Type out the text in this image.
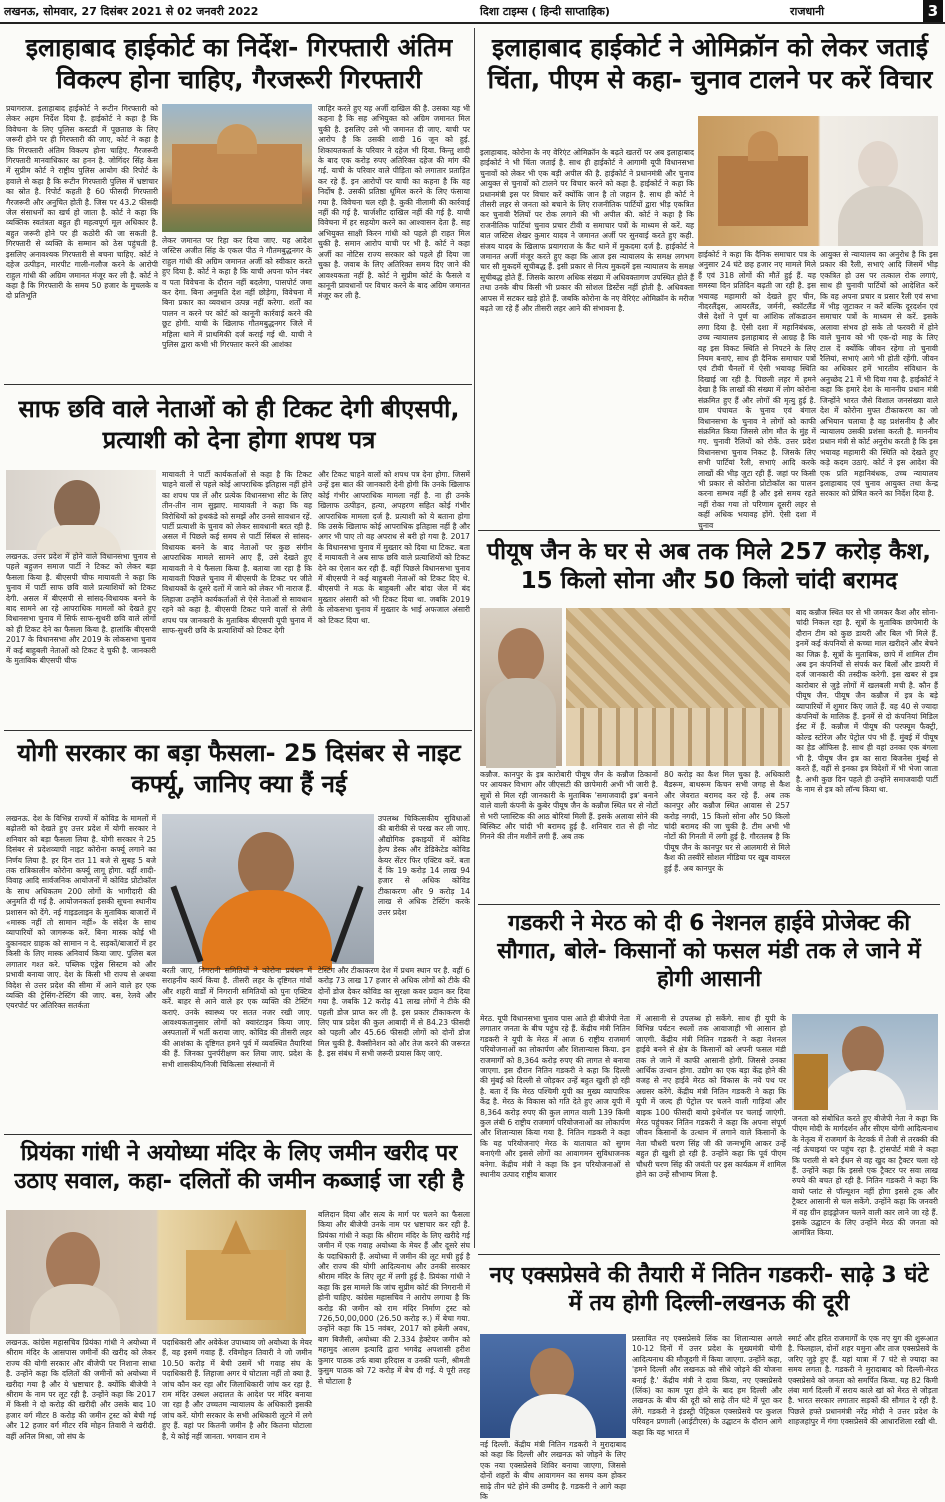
लखनऊ, सोमवार, 27 दिसंबर 2021 से 02 जनवरी 2022	दिशा टाइम्स ( हिन्दी साप्ताहिक)	राजधानी	3
इलाहाबाद हाईकोर्ट का निर्देश- गिरफ्तारी अंतिम विकल्प होना चाहिए, गैरजरूरी गिरफ्तारी
प्रयागराज. इलाहाबाद हाईकोर्ट ने रूटीन गिरफ्तारी को लेकर अहम निर्देश दिया है. हाईकोर्ट ने कहा है कि विवेचना के लिए पुलिस कस्टडी में पूछताछ के लिए जरूरी होने पर ही गिरफ्तारी की जाए, कोर्ट ने कहा है कि गिरफ्तारी अंतिम विकल्प होना चाहिए. गैरजरूरी गिरफ्तारी मानवाधिकार का हनन है. जोगिंदर सिंह केस में सुप्रीम कोर्ट ने राष्ट्रीय पुलिस आयोग की रिपोर्ट के हवाले से कहा है कि रूटीन गिरफ्तारी पुलिस में भ्रष्टाचार का स्रोत है. रिपोर्ट कहती है 60 फीसदी गिरफ्तारी गैरजरूरी और अनुचित होती है. जिस पर 43.2 फीसदी जेल संसाधनों का खर्च हो जाता है. कोर्ट ने कहा कि व्यक्तिक स्वतंत्रता बहुत ही महत्वपूर्ण मूल अधिकार है. बहुत जरूरी होने पर ही कठोरी की जा सकती है. गिरफ्तारी से व्यक्ति के सम्मान को ठेस पहुंचती है. इसलिए अनावश्यक गिरफ्तारी से बचना चाहिए. कोर्ट ने दहेज उत्पीड़न, मारपीट गाली-गलौज करने के आरोपी राहुल गांधी की अग्रिम जमानत मंजूर कर ली है. कोर्ट ने कहा है कि गिरफ्तारी के समय 50 हजार के मुचलके व दो प्रतिभूति
लेकर जमानत पर रिहा कर दिया जाए. यह आदेश जस्टिस अजीत सिंह के एकल पीठ ने गौतमबुद्धनगर के राहुल गांधी की अग्रिम जमानत अर्जी को स्वीकार करते हुए दिया है. कोर्ट ने कहा है कि याची अपना फोन नंबर व पता विवेचना के दौरान नहीं बदलेगा, पासपोर्ट जमा कर देगा. बिना अनुमति देश नहीं छोड़ेगा, विवेचना में बिना प्रकार का व्यवधान उत्पन्न नहीं करेगा. शर्तों का पालन न करने पर कोर्ट को कानूनी कार्रवाई करने की छूट होगी. याची के खिलाफ गौतमबुद्धनगर जिले में महिला थाने में प्राथमिकी दर्ज कराई गई थी. याची ने पुलिस द्वारा कभी भी गिरफ्तार करने की आशंका
जाहिर करते हुए यह अर्जी दाखिल की है. उसका यह भी कहना है कि सह अभियुक्त को अग्रिम जमानत मिल चुकी है. इसलिए उसे भी जमानत दी जाए. याची पर आरोप है कि उसकी शादी 16 जून को हुई. शिकायतकर्ता के परिवार ने दहेज भी दिया. किन्तु शादी के बाद एक करोड़ रुपए अतिरिक्त दहेज की मांग की गई. याची के परिवार वाले पीड़िता को लगातार प्रताड़ित कर रहे हैं. इन आरोपों पर याची का कहना है कि वह निर्दोष है. उसकी प्रतिष्ठा धूमिल करने के लिए फंसाया गया है. विवेचना चल रही है. कुकी नीलामी की कार्रवाई नहीं की गई है. चार्जशीट दाखिल नहीं की गई है. याची विवेचना में हर सहयोग करने का आश्वासन देता है. सह अभियुक्त साक्षी किरन गांधी को पहले ही राहत मिल चुकी है. समान आरोप याची पर भी है. कोर्ट ने कहा अर्जी का नोटिस राज्य सरकार को पहले ही दिया जा चुका है. जवाब के लिए अतिरिक्त समय दिए जाने की आवश्यकता नहीं है. कोर्ट ने सुप्रीम कोर्ट के फैसले व कानूनी प्रावधानों पर विचार करने के बाद अग्रिम जमानत मंजूर कर ली है.
साफ छवि वाले नेताओं को ही टिकट देगी बीएसपी, प्रत्याशी को देना होगा शपथ पत्र
लखनऊ. उत्तर प्रदेश में होने वाले विधानसभा चुनाव से पहले बहुजन समाज पार्टी ने टिकट को लेकर बड़ा फैसला किया है. बीएसपी चीफ मायावती ने कहा कि चुनाव में पार्टी साफ छवि वाले प्रत्याशियों को टिकट देगी. असल में बीएसपी से सांसद-विधायक बनने के बाद सामने आ रहे आपराधिक मामलों को देखते हुए विधानसभा चुनाव में सिर्फ साफ-सुथरी छवि वाले लोगों को ही टिकट देने का फैसला किया है. हालांकि बीएसपी 2017 के विधानसभा और 2019 के लोकसभा चुनाव में कई बाहुबली नेताओं को टिकट दे चुकी है. जानकारी के मुताबिक बीएसपी चीफ
मायावती ने पार्टी कार्यकर्ताओं से कहा है कि टिकट चाहने वालों से पहले कोई आपराधिक इतिहास नहीं होने का शपथ पत्र लें और प्रत्येक विधानसभा सीट के लिए तीन-तीन नाम सुझाए. मायावती ने कहा कि वह विरोधियों को हथकंडे को समझें और उनसे सावधान रहें. पार्टी प्रत्याशी के चुनाव को लेकर सावधानी बरत रही है. असल में पिछले कई समय से पार्टी सिंबल से सांसद-विधायक बनने के बाद नेताओं पर कुछ संगीन आपराधिक मामले सामने आए हैं, उसे देखते हुए मायावती ने ये फैसला किया है. बताया जा रहा है कि मायावती पिछले चुनाव में बीएसपी के टिकट पर जीते विधायकों के दूसरे दलों में जाने को लेकर भी नाराज हैं. लिहाजा उन्होंने कार्यकर्ताओं से ऐसे नेताओं से सावधान रहने को कहा है. बीएसपी टिकट पाने वालों से लेगी शपथ पत्र जानकारी के मुताबिक बीएसपी यूपी चुनाव में साफ-सुथरी छवि के प्रत्याशियों को टिकट देगी
और टिकट चाहने वालों को शपथ पत्र देना होगा. जिसमें उन्हें इस बात की जानकारी देनी होगी कि उनके खिलाफ कोई गंभीर आपराधिक मामला नहीं है. ना ही उनके खिलाफ उत्पीड़न, हत्या, अपहरण सहित कोई गंभीर आपराधिक मामला दर्ज है. प्रत्याशी को ये बताना होगा कि उसके खिलाफ कोई आपराधिक इतिहास नहीं है और अगर भी पाए तो वह अपराध से बरी हो गया है. 2017 के विधानसभा चुनाव में मुख्तार को दिया था टिकट. बता दें मायावती ने अब साफ छवि वाले प्रत्याशियों को टिकट देने का ऐलान कर रही हैं. वहीं पिछले विधानसभा चुनाव में बीएसपी ने कई बाहुबली नेताओं को टिकट दिए थे. बीएसपी ने मऊ के बाहुबली और बांदा जेल में बंद मुख्तार अंसारी को भी टिकट दिया था. जबकि 2019 के लोकसभा चुनाव में मुख्तार के भाई अफजाल अंसारी को टिकट दिया था.
योगी सरकार का बड़ा फैसला- 25 दिसंबर से नाइट कर्फ्यू, जानिए क्या हैं नई
लखनऊ. देश के विभिन्न राज्यों में कोविड के मामलों में बढ़ोतरी को देखते हुए उत्तर प्रदेश में योगी सरकार ने शनिवार को बड़ा फैसला लिया है. योगी सरकार ने 25 दिसंबर से प्रदेशव्यापी नाइट कोरोना कर्फ्यू लगाने का निर्णय लिया है. हर दिन रात 11 बजे से सुबह 5 बजे तक रात्रिकालीन कोरोना कर्फ्यू लागू होगा. वहीं शादी-विवाह आदि सार्वजनिक आयोजनों में कोविड प्रोटोकॉल के साथ अधिकतम 200 लोगों के भागीदारी की अनुमति दी गई है. आयोजनकर्ता इसकी सूचना स्थानीय प्रशासन को देंगे. नई गाइडलाइन के मुताबिक बाजारों में «मास्क नहीं तो सामान नहीं» के संदेश के साथ व्यापारियों को जागरूक करें. बिना मास्क कोई भी दुकानदार ग्राहक को सामान न दे. सड़कों/बाजारों में हर किसी के लिए मास्क अनिवार्य किया जाए. पुलिस बल लगातार गश्त करे. पब्लिक एड्रेस सिस्टम को और प्रभावी बनाया जाए. देश के किसी भी राज्य से अथवा विदेश से उत्तर प्रदेश की सीमा में आने वाले हर एक व्यक्ति की ट्रेसिंग-टेस्टिंग की जाए. बस, रेलवे और एयरपोर्ट पर अतिरिक्त सतर्कता
उपलब्ध चिकित्सकीय सुविधाओं की बारीकी से परख कर ली जाए. औद्योगिक इकाइयों में कोविड हेल्प डेस्क और डेडिकेटेड कोविड केयर सेंटर फिर एक्टिव करें. बता दें कि 19 करोड़ 14 लाख 94 हजार से अधिक कोविड टीकाकरण और 9 करोड़ 14 लाख से अधिक टेस्टिंग करके उत्तर प्रदेश
बरती जाए, निगरानी समितियों ने कोरोना प्रबंधन में सराहनीय कार्य किया है. तीसरी लहर के दृष्टिगत गांवों और शहरी वार्डों में निगरानी समितियों को पुनः एक्टिव करें. बाहर से आने वाले हर एक व्यक्ति की टेस्टिंग कराएं. उनके स्वास्थ्य पर सतत नजर रखी जाए. आवश्यकतानुसार लोगों को क्वारंटाइन किया जाए. अस्पतालों में भर्ती कराया जाए. कोविड की तीसरी लहर की आशंका के दृष्टिगत हमने पूर्व में व्यवस्थित तैयारियां की हैं. जिनका पुनर्परीक्षण कर लिया जाए. प्रदेश के सभी शासकीय/निजी चिकित्सा संस्थानों में
टेस्टिंग और टीकाकरण देश में प्रथम स्थान पर है. वहीं 6 करोड़ 73 लाख 17 हजार से अधिक लोगों को टीके की दोनों डोज देकर कोविड का सुरक्षा कवर प्रदान कर दिया गया है. जबकि 12 करोड़ 41 लाख लोगों ने टीके की पहली डोज प्राप्त कर ली है. इस प्रकार टीकाकरण के लिए पात्र प्रदेश की कुल आबादी में से 84.23 फीसदी को पहली और 45.66 फीसदी लोगों को दोनों डोज मिल चुकी है. वैक्सीनेशन को और तेज करने की जरूरत है. इस संबंध में सभी जरूरी प्रयास किए जाएं.
इलाहाबाद हाईकोर्ट ने ओमिक्रॉन को लेकर जताई चिंता, पीएम से कहा- चुनाव टालने पर करें विचार
इलाहाबाद. कोरोना के नए वेरिएंट ओमिक्रॉन के बढ़ते खतरों पर अब इलाहाबाद हाईकोर्ट ने भी चिंता जताई है. साथ ही हाईकोर्ट ने आगामी यूपी विधानसभा चुनावों को लेकर भी एक बड़ी अपील की है. हाईकोर्ट ने प्रधानमंत्री और चुनाव आयुक्त से चुनावों को टालने पर विचार करने को कहा है. हाईकोर्ट ने कहा कि प्रधानमंत्री इस पर विचार करें क्योंकि जान है तो जहान है. साथ ही कोर्ट ने तीसरी लहर से जनता को बचाने के लिए राजनीतिक पार्टियों द्वारा भीड़ एकत्रित कर चुनावी रैलियों पर रोक लगाने की भी अपील की. कोर्ट ने कहा है कि राजनीतिक पार्टियां चुनाव प्रचार टीवी व समाचार पत्रों के माध्यम से करें. यह बात जस्टिस शेखर कुमार यादव ने जमानत अर्जी पर सुनवाई करते हुए कही. संजय यादव के खिलाफ प्रयागराज के कैंट थाने में मुकदमा दर्ज है. हाईकोर्ट ने जमानत अर्जी मंजूर करते हुए कहा कि आज इस न्यायालय के समक्ष लगभग चार सौ मुकदमें सूचीबद्ध हैं. इसी प्रकार से नित्य मुकदमें इस न्यायालय के समक्ष सूचीबद्ध होते हैं. जिसके कारण अधिक संख्या में अधिवक्तागण उपस्थित होते हैं तथा उनके बीच किसी भी प्रकार की सोशल डिस्टेंस नहीं होती है. अधिवक्ता आपस में सटकर खड़े होते हैं. जबकि कोरोना के नए वेरिएंट ओमिक्रॉन के मरीज बढ़ते जा रहे हैं और तीसरी लहर आने की संभावना है.
हाईकोर्ट ने कहा कि दैनिक समाचार पत्र के अनुसार 24 घंटे छह हजार नए मामले मिले हैं एवं 318 लोगों की मौतें हुई हैं. यह समस्या दिन प्रतिदिन बढ़ती जा रही है. इस भयावह महामारी को देखते हुए चीन, नीदरलैंड्स, आयरलैंड, जर्मनी, स्कॉटलैंड जैसे देशों ने पूर्ण या आंशिक लॉकडाउन लगा दिया है. ऐसी दशा में महानिबंधक, उच्च न्यायालय इलाहाबाद से आग्रह है कि वह इस विकट स्थिति से निपटने के लिए नियम बनाएं, साथ ही दैनिक समाचार पत्रों एवं टीवी चैनलों में ऐसी भयावह स्थिति दिखाई जा रही है. पिछली लहर में हमने देखा है कि लाखों की संख्या में लोग कोरोना संक्रमित हुए हैं और लोगों की मृत्यु हुई है. ग्राम पंचायत के चुनाव एवं बंगाल विधानसभा के चुनाव ने लोगों को काफी संक्रमित किया जिससे लोग मौत के मुंह में गए. चुनावी रैलियों को रोकें. उत्तर प्रदेश विधानसभा चुनाव निकट है. जिसके लिए सभी पार्टियां रैली, सभाएं आदि करके लाखों की भीड़ जुटा रही हैं. जहां पर किसी भी प्रकार से कोरोना प्रोटोकॉल का पालन करना सम्भव नहीं है और इसे समय रहते नहीं रोका गया तो परिणाम दूसरी लहर से कहीं अधिक भयावह होंगे. ऐसी दशा में चुनाव
आयुक्त से न्यायालय का अनुरोध है कि इस प्रकार की रैली, सभाएं आदि जिसमें भीड़ एकत्रित हो उस पर तत्काल रोक लगाएं, साथ ही चुनावी पार्टियों को आदेशित करें कि वह अपना प्रचार व प्रसार रैली एवं सभा में भीड़ जुटाकर न करें बल्कि दूरदर्शन एवं समाचार पत्रों के माध्यम से करें. इसके अलावा संभव हो सके तो फरवरी में होने वाले चुनाव को भी एक-दो माह के लिए टाल दें क्योंकि जीवन रहेगा तो चुनावी रैलियां, सभाएं आगे भी होती रहेंगी. जीवन का अधिकार हमें भारतीय संविधान के अनुच्छेद 21 में भी दिया गया है. हाईकोर्ट ने कहा कि हमारे देश के माननीय प्रधान मंत्री जिन्होंने भारत जैसे विशाल जनसंख्या वाले देश में कोरोना मुफ्त टीकाकरण का जो अभियान चलाया है वह प्रशंसनीय है और न्यायालय उसकी प्रशंसा करती है. माननीय प्रधान मंत्री से कोर्ट अनुरोध करती है कि इस भयावह महामारी की स्थिति को देखते हुए कड़े कदम उठाएं. कोर्ट ने इस आदेश की एक प्रति महानिबंधक, उच्च न्यायालय इलाहाबाद एवं चुनाव आयुक्त तथा केन्द्र सरकार को प्रेषित करने का निर्देश दिया है.
पीयूष जैन के घर से अब तक मिले 257 करोड़ कैश, 15 किलो सोना और 50 किलो चांदी बरामद
कन्नौज. कानपुर के इत्र कारोबारी पीयूष जैन के कन्नौज ठिकानों पर आयकर विभाग और जीएसटी की छापेमारी अभी भी जारी है. सूत्रों से मिल रही जानकारी के मुताबिक 'समाजवादी इत्र' बनाने वाले वाली कंपनी के कुबेर पीयूष जैन के कन्नौज स्थित घर से नोटों से भरी प्लास्टिक की आठ बोरियां मिली हैं. इसके अलावा सोने की बिस्किट और चांदी भी बरामद हुई है. शनिवार रात से ही नोट गिनने की तीन मशीनें लगी हैं. अब तक
80 करोड़ का कैश मिल चुका है. अधिकारी बैडरूम, बाथरूम किचन सभी जगह से कैश और जेवरात बरामद कर रहे हैं. अब तक कानपुर और कन्नौज स्थित आवास से 257 करोड़ नगदी, 15 किलो सोना और 50 किलो चांदी बरामद की जा चुकी है. टीम अभी भी नोटों की गिनती में लगी हुई है. गौरतलब है कि पीयूष जैन के कानपुर घर से आलमारी से मिले कैश की तस्वीरें सोशल मीडिया पर खूब वायरल हुई हैं. अब कानपुर के
बाद कन्नौज स्थित घर से भी जमकर कैश और सोना-चांदी निकल रहा है. सूत्रों के मुताबिक छापेमारी के दौरान टीम को कुछ डायरी और बिल भी मिले हैं. इनमें कई कंपनियों से कच्चा माल खरीदने और बेचने का जिक्र है. सूत्रों के मुताबिक, छापे में शामिल टीम अब इन कंपनियों से संपर्क कर बिलों और डायरी में दर्ज जानकारी की तस्दीक करेगी. इस खबर से इत्र कारोबार से जुड़े लोगों में खलबली मची है. कौन हैं पीयूष जैन. पीयूष जैन कन्नौज में इत्र के बड़े व्यापारियों में शुमार किए जाते हैं. वह 40 से ज्यादा कंपनियों के मालिक हैं. इनमें से दो कंपनियां मिडिल ईस्ट में हैं. कन्नौज में पीयूष की परफ्यूम फैक्ट्री, कोल्ड स्टोरेज और पेट्रोल पंप भी हैं. मुंबई में पीयूष का हेड ऑफिस है. साथ ही वहां उनका एक बंगला भी है. पीयूष जैन इत्र का सारा बिजनेस मुंबई से करते हैं, वहीं से इनका इत्र विदेशों में भी भेजा जाता है. अभी कुछ दिन पहले ही उन्होंने समाजवादी पार्टी के नाम से इत्र को लॉन्च किया था.
गडकरी ने मेरठ को दी 6 नेशनल हाईवे प्रोजेक्ट की सौगात, बोले- किसानों को फसल मंडी तक ले जाने में होगी आसानी
मेरठ. यूपी विधानसभा चुनाव पास आते ही बीजेपी नेता लगातार जनता के बीच पहुंच रहे हैं. केंद्रीय मंत्री नितिन गडकरी ने यूपी के मेरठ में आज 6 राष्ट्रीय राजमार्ग परियोजनाओं का लोकार्पण और शिलान्यास किया. इन राजमार्गों को 8,364 करोड़ रुपए की लागत से बनाया जाएगा. इस दौरान नितिन गडकरी ने कहा कि दिल्ली की मुंबई को दिल्ली से जोड़कर उन्हें बहुत खुशी हो रही है. बता दें कि मेरठ पश्चिमी यूपी का मुख्य व्यापारिक केंद्र है. मेरठ के विकास को गति देते हुए आज यूपी में 8,364 करोड़ रुपए की कुल लागत वाली 139 किमी कुल लंबी 6 राष्ट्रीय राजमार्ग परियोजनाओं का लोकार्पण और शिलान्यास किया गया है. नितिन गडकरी ने कहा कि यह परियोजनाएं मेरठ के यातायात को सुगम बनाएंगी और इससे लोगों का आवागमन सुविधाजनक बनेगा. केंद्रीय मंत्री ने कहा कि इन परियोजनाओं से स्थानीय उत्पाद राष्ट्रीय बाजार
में आसानी से उपलब्ध हो सकेंगे. साथ ही यूपी के विभिन्न पर्यटन स्थलों तक आवाजाही भी आसान हो जाएगी. केंद्रीय मंत्री नितिन गडकरी ने कहा नेशनल हाईवे बनने से क्षेत्र के किसानों को अपनी फसल मंडी तक ले जाने में काफी आसानी होगी. जिससे उनका आर्थिक उत्थान होगा. उद्योग का एक बड़ा केंद्र होने की वजह से नए हाईवे मेरठ को विकास के नये पथ पर अग्रसर करेंगे. केंद्रीय मंत्री नितिन गडकरी ने कहा कि यूपी में जल्द ही पेट्रोल पर चलने वाली गाड़ियां और बाइक 100 फीसदी बायो इथेनॉल पर चलाई जाएंगी. मेरठ पहुंचकर नितिन गडकरी ने कहा कि अपना संपूर्ण जीवन किसानों के उत्थान में लगाने वाले किसानों के नेता चौधरी चरण सिंह जी की जन्मभूमि आकर उन्हें बहुत ही खुशी हो रही है. उन्होंने कहा कि पूर्व पीएम चौधरी चरण सिंह की जयंती पर इस कार्यक्रम में शामिल होने का उन्हें सौभाग्य मिला है.
जनता को संबोधित करते हुए बीजेपी नेता ने कहा कि पीएम मोदी के मार्गदर्शन और सीएम योगी आदित्यनाथ के नेतृत्व में राजमार्ग के नेटवर्क में तेजी से तरक्की की नई ऊंचाइयां पर पहुंच रहा है. ट्रांसपोर्ट मंत्री ने कहा कि पराली से बने ईंधन से वह खुद का ट्रैक्टर चला रहे हैं. उन्होंने कहा कि इससे एक ट्रैक्टर पर सवा लाख रुपये की बचत हो रही है. नितिन गडकरी ने कहा कि वायो प्लांट से पॉल्यूशन नहीं होगा इससे ट्रक और ट्रैक्टर आसानी से चल सकेंगे. उन्होंने कहा कि जनवरी में वह ग्रीन हाइड्रोजन चलने वाली कार लाने जा रहे हैं. इसके उद्घाटन के लिए उन्होंने मेरठ की जनता को आमंत्रित किया.
प्रियंका गांधी ने अयोध्या मंदिर के लिए जमीन खरीद पर उठाए सवाल, कहा- दलितों की जमीन कब्जाई जा रही है
लखनऊ. कांग्रेस महासचिव प्रियंका गांधी ने अयोध्या में श्रीराम मंदिर के आसपास जमीनों की खरीद को लेकर राज्य की योगी सरकार और बीजेपी पर निशाना साधा है. उन्होंने कहा कि दलितों की जमीनों को अयोध्या में खरीदा गया है और ये भ्रष्टाचार है. क्योंकि बीजेपी ने श्रीराम के नाम पर लूट रही है. उन्होंने कहा कि 2017 में किसी ने दो करोड़ की खरीदी और उसके बाद 10 हजार वर्ग मीटर 8 करोड़ की जमीन ट्रस्ट को बेची गई और 12 हजार वर्ग मीटर रवि मोहन तिवारी ने खरीदी. वहीं अनिल मिश्रा, जो संघ के
पदाधिकारी और अवेकेश उपाध्याय जो अयोध्या के मेयर हैं, वह इसमें गवाह हैं. रविमोहन तिवारी ने जो जमीन 10.50 करोड़ में बेची उसमें भी गवाह संघ के पदाधिकारी हैं. लिहाजा अगर ये घोटाला नहीं तो क्या है. जांच कौन कर रहा और जिलाधिकारी जांच कर रहा है. राम मंदिर उस्थल अदालत के आदेश पर मंदिर बनाया जा रहा है और उच्चतम न्यायालय के अधिकारी इसकी जांच करें. योगी सरकार के सभी अधिकारी लूटने में लगे हुए हैं. वहां पर कितनी जमीन है और कितना घोटाला है, ये कोई नहीं जानता. भगवान राम ने
बलिदान दिया और सत्य के मार्ग पर चलने का फैसला किया और बीजेपी उनके नाम पर भ्रष्टाचार कर रही है. प्रियंका गांधी ने कहा कि श्रीराम मंदिर के लिए खरीदे गई जमीन में एक गवाह अयोध्या के मेयर हैं और दूसरे संघ के पदाधिकारी हैं. अयोध्या में जमीन की लूट मची हुई है और राज्य की योगी आदित्यनाथ और उनकी सरकार श्रीराम मंदिर के लिए लूट में लगी हुई है. प्रियंका गांधी ने कहा कि इस मामले कि जांच सुप्रीम कोर्ट की निगरानी में होनी चाहिए. कांग्रेस महासचिव ने आरोप लगाया है कि करोड़ की जमीन को राम मंदिर निर्माण ट्रस्ट को 726,50,00,000 (26.50 करोड़ रु.) में बेचा गया. उन्होंने कहा कि 15 नवंबर, 2017 को हबेली अवध, बाग बिजैसी, अयोध्या की 2.334 हेक्टेयर जमीन को महामुद आलम इत्यादि द्वारा भगवेद्र अपशासी हरीश कुमार पाठक उर्फ बाबा हरिदास व उनकी पत्नी, श्रीमती कुसुम पाठक को 72 करोड़ में बेच दी गई. ये पूरी तरह से घोटाला है
नए एक्सप्रेसवे की तैयारी में नितिन गडकरी- साढ़े 3 घंटे में तय होगी दिल्ली-लखनऊ की दूरी
नई दिल्ली. केंद्रीय मंत्री नितिन गडकरी ने मुरादाबाद को कहा कि दिल्ली और लखनऊ को जोड़ने के लिए एक नया एक्सप्रेसवे शिविर बनाया जाएगा, जिससे दोनों शहरों के बीच आवागमन का समय कम होकर साढ़े तीन घंटे होने की उम्मीद है. गडकरी ने आगे कहा कि
प्रस्तावित नए एक्सप्रेसवे लिंक का शिलान्यास अगले 10-12 दिनों में उत्तर प्रदेश के मुख्यमंत्री योगी आदित्यनाथ की मौजूदगी में किया जाएगा. उन्होंने कहा, 'हमने दिल्ली और लखनऊ को सीधे जोड़ने की योजना बनाई है.' केंद्रीय मंत्री ने दावा किया, नए एक्सप्रेसवे (लिंक) का काम पूरा होने के बाद हम दिल्ली और लखनऊ के बीच की दूरी को साढ़े तीन घंटे में पूरा कर लेंगे. गडकरी ने इंडस्ट्री पेट्रिकल एक्सप्रेसवे पर कुशल परिवहन प्रणाली (आईटीएस) के उद्घाटन के दौरान आगे कहा कि यह भारत में
स्मार्ट और हरित राजमार्गों के एक नए युग की शुरूआत है. फिलहाल, दोनों शहर यमुना और ताज एक्सप्रेसवे के जरिए जुड़े हुए हैं. यहां यात्रा में 7 घंटे से ज्यादा का समय लगता है. गडकरी ने मुरादाबाद को दिल्ली-मेरठ एक्सप्रेसवे को जनता को समर्पित किया. यह 82 किमी लंबा मार्ग दिल्ली में सराय काले खां को मेरठ से जोड़ता है. भारत सरकार लगातार सड़कों की सौगात दे रही है. पिछले हफ्ते प्रधानमंत्री नरेंद्र मोदी ने उत्तर प्रदेश के शाहजहांपुर में गंगा एक्सप्रेसवे की आधारशिला रखी थी.
